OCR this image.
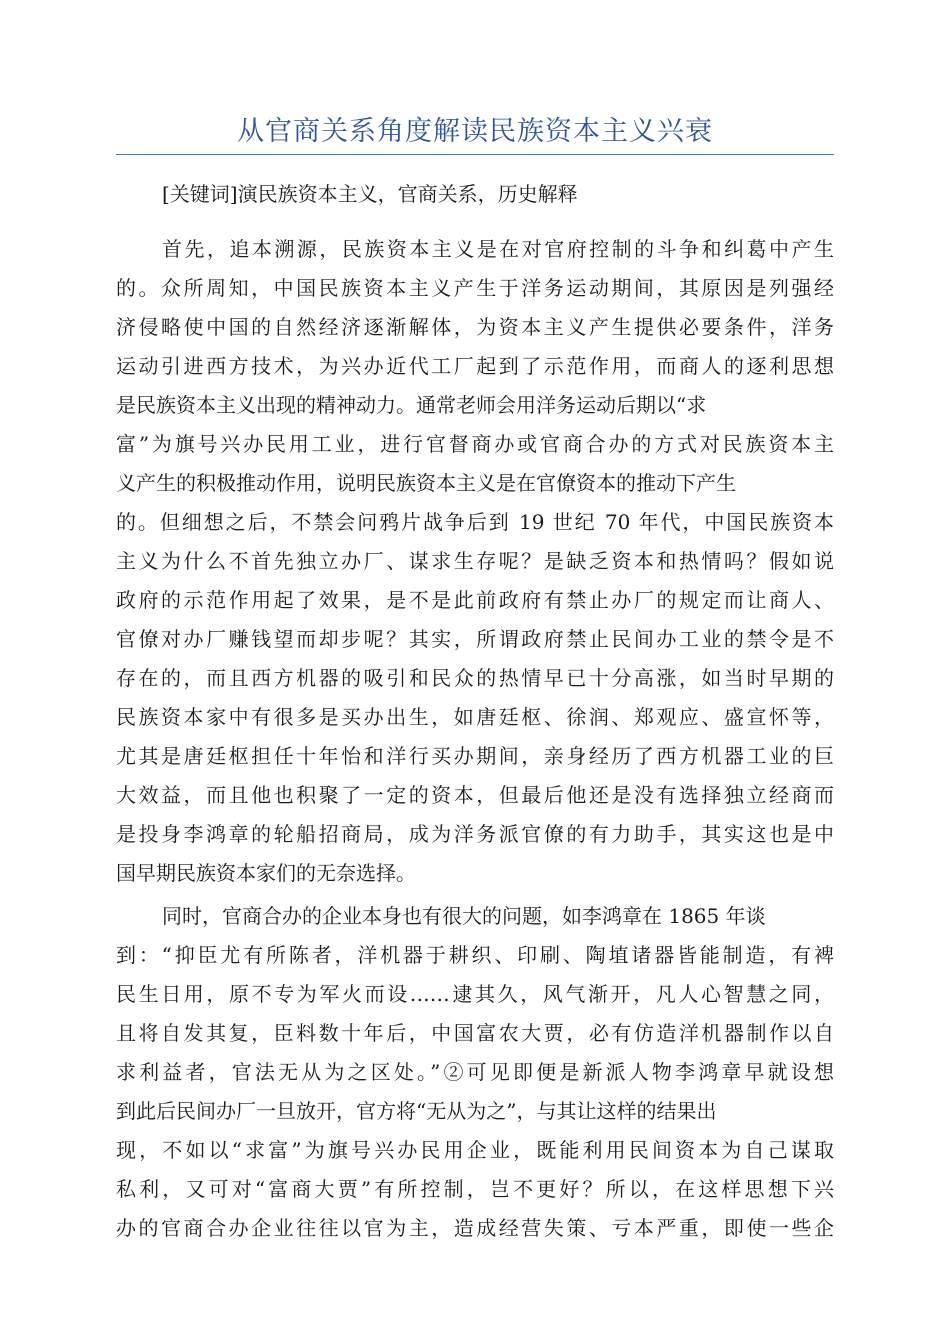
从官商关系角度解读民族资本主义兴衰

[关键词]演民族资本主义，官商关系，历史解释

首先，追本溯源，民族资本主义是在对官府控制的斗争和纠葛中产生
的。众所周知，中国民族资本主义产生于洋务运动期间，其原因是列强经
济侵略使中国的自然经济逐渐解体，为资本主义产生提供必要条件，洋务
运动引进西方技术，为兴办近代工厂起到了示范作用，而商人的逐利思想
是民族资本主义出现的精神动力。通常老师会用洋务运动后期以“求
富”为旗号兴办民用工业，进行官督商办或官商合办的方式对民族资本主
义产生的积极推动作用，说明民族资本主义是在官僚资本的推动下产生
的。但细想之后，不禁会问鸦片战争后到 19 世纪 70 年代，中国民族资本
主义为什么不首先独立办厂、谋求生存呢？是缺乏资本和热情吗？假如说
政府的示范作用起了效果，是不是此前政府有禁止办厂的规定而让商人、
官僚对办厂赚钱望而却步呢？其实，所谓政府禁止民间办工业的禁令是不
存在的，而且西方机器的吸引和民众的热情早已十分高涨，如当时早期的
民族资本家中有很多是买办出生，如唐廷枢、徐润、郑观应、盛宣怀等，
尤其是唐廷枢担任十年怡和洋行买办期间，亲身经历了西方机器工业的巨
大效益，而且他也积聚了一定的资本，但最后他还是没有选择独立经商而
是投身李鸿章的轮船招商局，成为洋务派官僚的有力助手，其实这也是中
国早期民族资本家们的无奈选择。

同时，官商合办的企业本身也有很大的问题，如李鸿章在 1865 年谈
到：“抑臣尤有所陈者，洋机器于耕织、印刷、陶埴诸器皆能制造，有裨
民生日用，原不专为军火而设……逮其久，风气渐开，凡人心智慧之同，
且将自发其复，臣料数十年后，中国富农大贾，必有仿造洋机器制作以自
求利益者，官法无从为之区处。”②可见即便是新派人物李鸿章早就设想
到此后民间办厂一旦放开，官方将“无从为之”，与其让这样的结果出
现，不如以“求富”为旗号兴办民用企业，既能利用民间资本为自己谋取
私利，又可对“富商大贾”有所控制，岂不更好？所以，在这样思想下兴
办的官商合办企业往往以官为主，造成经营失策、亏本严重，即使一些企
